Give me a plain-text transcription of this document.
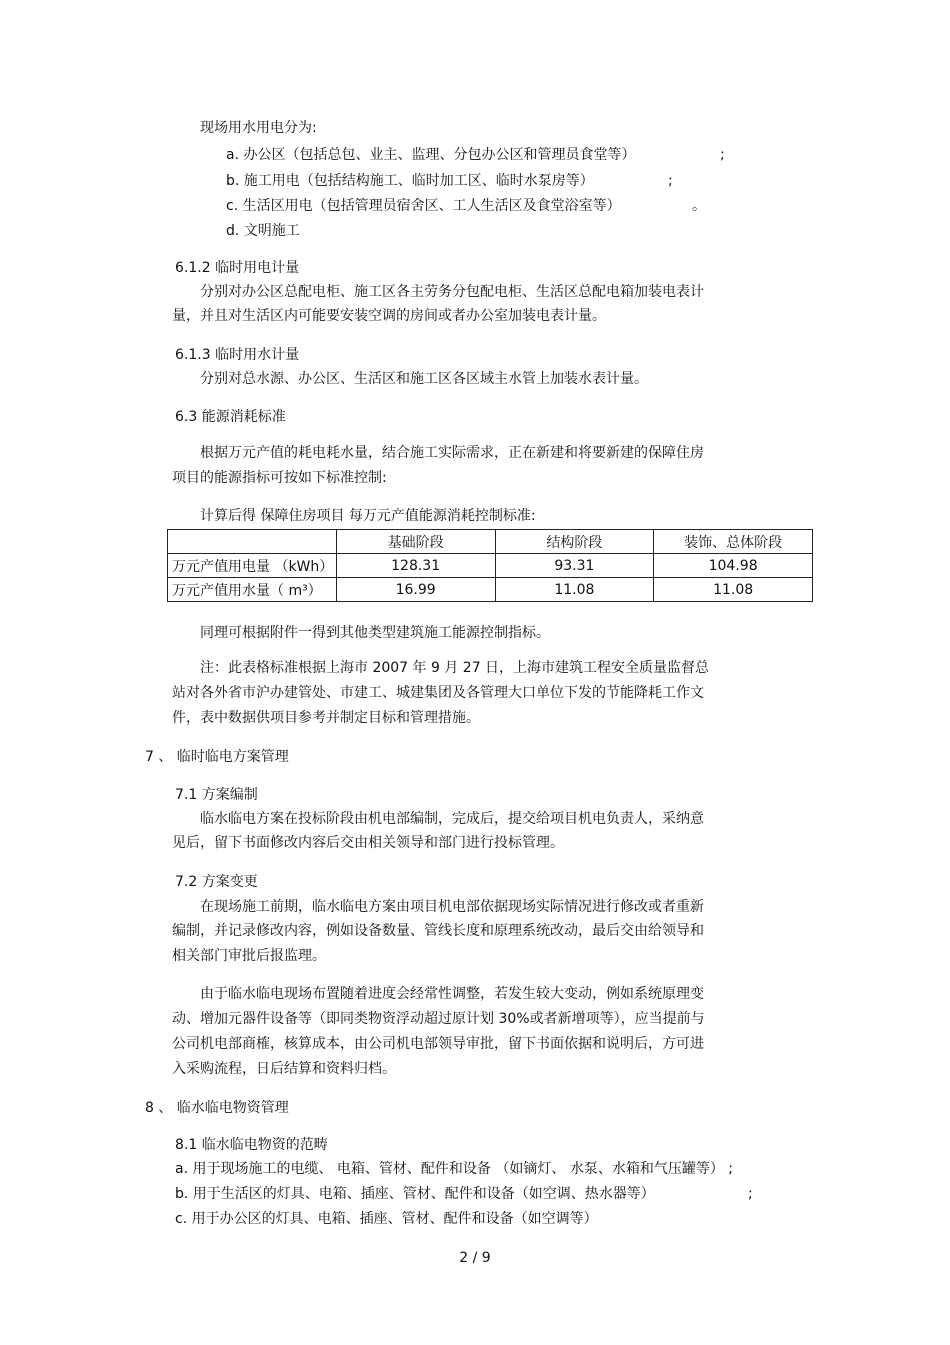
现场用水用电分为:
a. 办公区（包括总包、业主、监理、分包办公区和管理员食堂等）	;
b. 施工用电（包括结构施工、临时加工区、临时水泵房等）	;
c. 生活区用电（包括管理员宿舍区、工人生活区及食堂浴室等）	。
d. 文明施工
6.1.2 临时用电计量
分别对办公区总配电柜、施工区各主劳务分包配电柜、生活区总配电箱加装电表计
量，并且对生活区内可能要安装空调的房间或者办公室加装电表计量。
6.1.3 临时用水计量
分别对总水源、办公区、生活区和施工区各区域主水管上加装水表计量。
6.3 能源消耗标准
根据万元产值的耗电耗水量，结合施工实际需求，正在新建和将要新建的保障住房
项目的能源指标可按如下标准控制:
计算后得 保障住房项目 每万元产值能源消耗控制标准:
	基础阶段	结构阶段	装饰、总体阶段
万元产值用电量 （kWh）	128.31	93.31	104.98
万元产值用水量（ m³）	16.99	11.08	11.08
同理可根据附件一得到其他类型建筑施工能源控制指标。
注：此表格标准根据上海市 2007 年 9 月 27 日，上海市建筑工程安全质量监督总
站对各外省市沪办建管处、市建工、城建集团及各管理大口单位下发的节能降耗工作文
件，表中数据供项目参考并制定目标和管理措施。
7 、 临时临电方案管理
7.1 方案编制
临水临电方案在投标阶段由机电部编制，完成后，提交给项目机电负责人，采纳意
见后，留下书面修改内容后交由相关领导和部门进行投标管理。
7.2 方案变更
在现场施工前期，临水临电方案由项目机电部依据现场实际情况进行修改或者重新
编制，并记录修改内容，例如设备数量、管线长度和原理系统改动，最后交由给领导和
相关部门审批后报监理。
由于临水临电现场布置随着进度会经常性调整，若发生较大变动，例如系统原理变
动、增加元器件设备等（即同类物资浮动超过原计划 30%或者新增项等），应当提前与
公司机电部商榷，核算成本，由公司机电部领导审批，留下书面依据和说明后，方可进
入采购流程，日后结算和资料归档。
8 、 临水临电物资管理
8.1 临水临电物资的范畴
a. 用于现场施工的电缆、 电箱、管材、配件和设备 （如镝灯、 水泵、水箱和气压罐等） ;
b. 用于生活区的灯具、电箱、插座、管材、配件和设备（如空调、热水器等）	;
c. 用于办公区的灯具、电箱、插座、管材、配件和设备（如空调等）
2 / 9
